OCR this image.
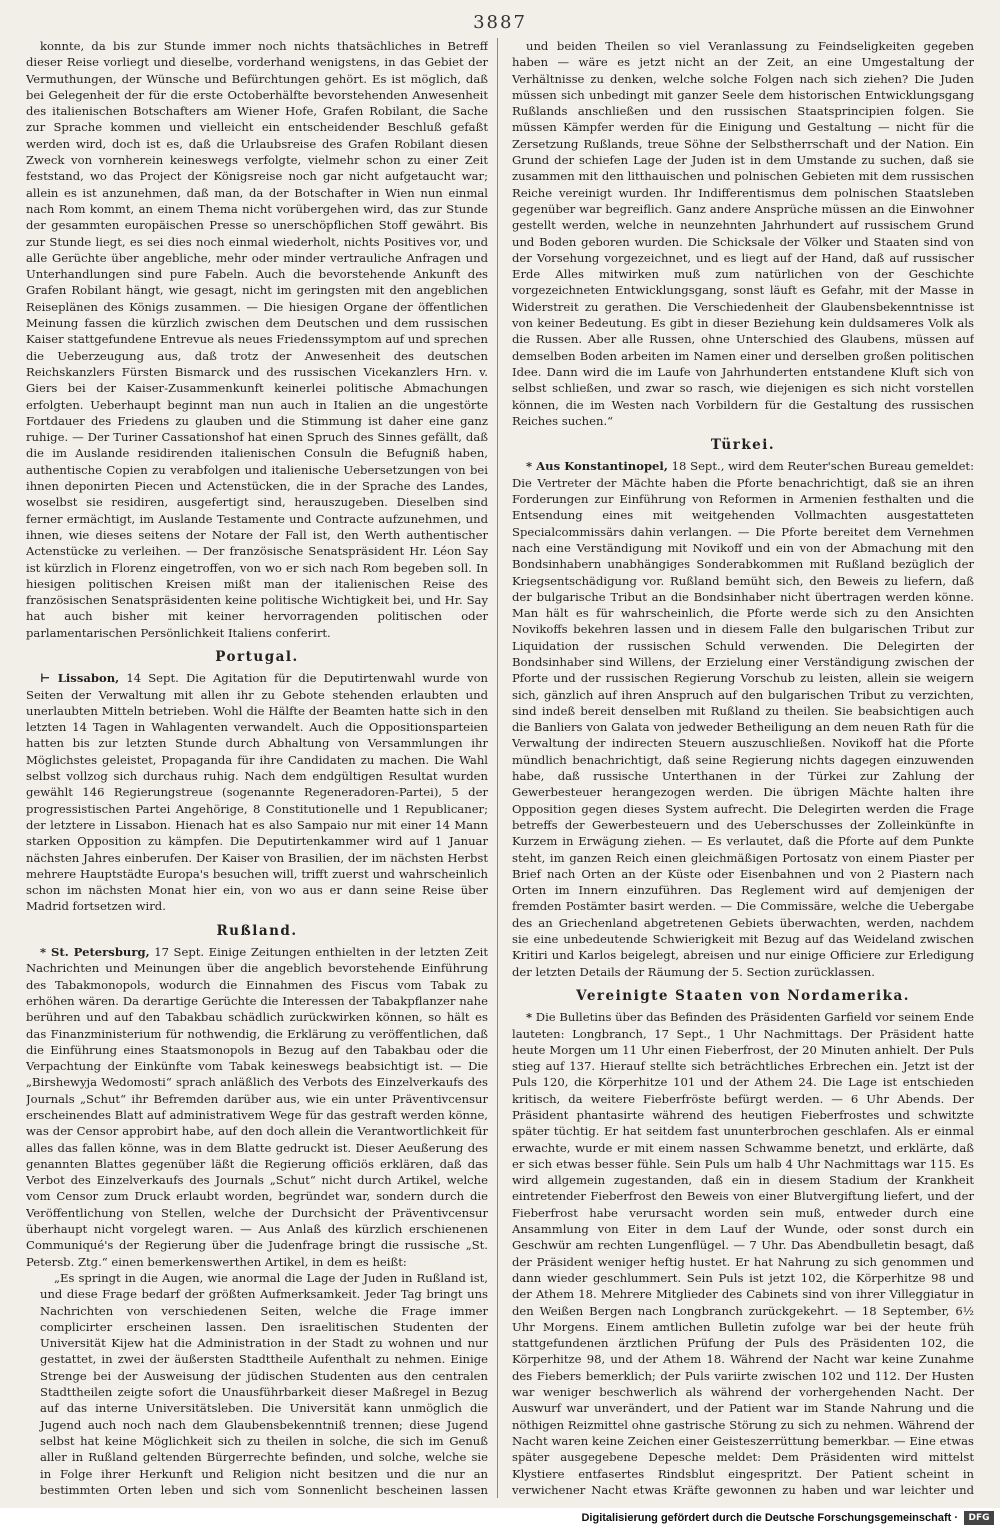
3887

konnte, da bis zur Stunde immer noch nichts thatsächliches in Betreff dieser Reise vorliegt und dieselbe, vorderhand wenigstens, in das Gebiet der Vermuthungen, der Wünsche und Befürchtungen gehört. Es ist möglich, daß bei Gelegenheit der für die erste Octoberhälfte bevorstehenden Anwesenheit des italienischen Botschafters am Wiener Hofe, Grafen Robilant, die Sache zur Sprache kommen und vielleicht ein entscheidender Beschluß gefaßt werden wird, doch ist es, daß die Urlaubsreise des Grafen Robilant diesen Zweck von vornherein keineswegs verfolgte, vielmehr schon zu einer Zeit feststand, wo das Project der Königsreise noch gar nicht aufgetaucht war; allein es ist anzunehmen, daß man, da der Botschafter in Wien nun einmal nach Rom kommt, an einem Thema nicht vorübergehen wird, das zur Stunde der gesammten europäischen Presse so unerschöpflichen Stoff gewährt. Bis zur Stunde liegt, es sei dies noch einmal wiederholt, nichts Positives vor, und alle Gerüchte über angebliche, mehr oder minder vertrauliche Anfragen und Unterhandlungen sind pure Fabeln. Auch die bevorstehende Ankunft des Grafen Robilant hängt, wie gesagt, nicht im geringsten mit den angeblichen Reiseplänen des Königs zusammen. — Die hiesigen Organe der öffentlichen Meinung fassen die kürzlich zwischen dem Deutschen und dem russischen Kaiser stattgefundene Entrevue als neues Friedenssymptom auf und sprechen die Ueberzeugung aus, daß trotz der Anwesenheit des deutschen Reichskanzlers Fürsten Bismarck und des russischen Vicekanzlers Hrn. v. Giers bei der Kaiser-Zusammenkunft keinerlei politische Abmachungen erfolgten. Ueberhaupt beginnt man nun auch in Italien an die ungestörte Fortdauer des Friedens zu glauben und die Stimmung ist daher eine ganz ruhige. — Der Turiner Cassationshof hat einen Spruch des Sinnes gefällt, daß die im Auslande residirenden italienischen Consuln die Befugniß haben, authentische Copien zu verabfolgen und italienische Uebersetzungen von bei ihnen deponirten Piecen und Actenstücken, die in der Sprache des Landes, woselbst sie residiren, ausgefertigt sind, herauszugeben. Dieselben sind ferner ermächtigt, im Auslande Testamente und Contracte aufzunehmen, und ihnen, wie dieses seitens der Notare der Fall ist, den Werth authentischer Actenstücke zu verleihen. — Der französische Senatspräsident Hr. Léon Say ist kürzlich in Florenz eingetroffen, von wo er sich nach Rom begeben soll. In hiesigen politischen Kreisen mißt man der italienischen Reise des französischen Senatspräsidenten keine politische Wichtigkeit bei, und Hr. Say hat auch bisher mit keiner hervorragenden politischen oder parlamentarischen Persönlichkeit Italiens conferirt.

Portugal.

⊢ Lissabon, 14 Sept. Die Agitation für die Deputirtenwahl wurde von Seiten der Verwaltung mit allen ihr zu Gebote stehenden erlaubten und unerlaubten Mitteln betrieben. Wohl die Hälfte der Beamten hatte sich in den letzten 14 Tagen in Wahlagenten verwandelt. Auch die Oppositionsparteien hatten bis zur letzten Stunde durch Abhaltung von Versammlungen ihr Möglichstes geleistet, Propaganda für ihre Candidaten zu machen. Die Wahl selbst vollzog sich durchaus ruhig. Nach dem endgültigen Resultat wurden gewählt 146 Regierungstreue (sogenannte Regeneradoren-Partei), 5 der progressistischen Partei Angehörige, 8 Constitutionelle und 1 Republicaner; der letztere in Lissabon. Hienach hat es also Sampaio nur mit einer 14 Mann starken Opposition zu kämpfen. Die Deputirtenkammer wird auf 1 Januar nächsten Jahres einberufen. Der Kaiser von Brasilien, der im nächsten Herbst mehrere Hauptstädte Europa's besuchen will, trifft zuerst und wahrscheinlich schon im nächsten Monat hier ein, von wo aus er dann seine Reise über Madrid fortsetzen wird.

Rußland.

* St. Petersburg, 17 Sept. Einige Zeitungen enthielten in der letzten Zeit Nachrichten und Meinungen über die angeblich bevorstehende Einführung des Tabakmonopols, wodurch die Einnahmen des Fiscus vom Tabak zu erhöhen wären. Da derartige Gerüchte die Interessen der Tabakpflanzer nahe berühren und auf den Tabakbau schädlich zurückwirken können, so hält es das Finanzministerium für nothwendig, die Erklärung zu veröffentlichen, daß die Einführung eines Staatsmonopols in Bezug auf den Tabakbau oder die Verpachtung der Einkünfte vom Tabak keineswegs beabsichtigt ist. — Die „Birshewyja Wedomosti“ sprach anläßlich des Verbots des Einzelverkaufs des Journals „Schut“ ihr Befremden darüber aus, wie ein unter Präventivcensur erscheinendes Blatt auf administrativem Wege für das gestraft werden könne, was der Censor approbirt habe, auf den doch allein die Verantwortlichkeit für alles das fallen könne, was in dem Blatte gedruckt ist. Dieser Aeußerung des genannten Blattes gegenüber läßt die Regierung officiös erklären, daß das Verbot des Einzelverkaufs des Journals „Schut“ nicht durch Artikel, welche vom Censor zum Druck erlaubt worden, begründet war, sondern durch die Veröffentlichung von Stellen, welche der Durchsicht der Präventivcensur überhaupt nicht vorgelegt waren. — Aus Anlaß des kürzlich erschienenen Communiqué's der Regierung über die Judenfrage bringt die russische „St. Petersb. Ztg.“ einen bemerkenswerthen Artikel, in dem es heißt:

„Es springt in die Augen, wie anormal die Lage der Juden in Rußland ist, und diese Frage bedarf der größten Aufmerksamkeit. Jeder Tag bringt uns Nachrichten von verschiedenen Seiten, welche die Frage immer complicirter erscheinen lassen. Den israelitischen Studenten der Universität Kijew hat die Administration in der Stadt zu wohnen und nur gestattet, in zwei der äußersten Stadttheile Aufenthalt zu nehmen. Einige Strenge bei der Ausweisung der jüdischen Studenten aus den centralen Stadttheilen zeigte sofort die Unausführbarkeit dieser Maßregel in Bezug auf das interne Universitätsleben. Die Universität kann unmöglich die Jugend auch noch nach dem Glaubensbekenntniß trennen; diese Jugend selbst hat keine Möglichkeit sich zu theilen in solche, die sich im Genuß aller in Rußland geltenden Bürgerrechte befinden, und solche, welche sie in Folge ihrer Herkunft und Religion nicht besitzen und die nur an bestimmten Orten leben und sich vom Sonnenlicht bescheinen lassen

und beiden Theilen so viel Veranlassung zu Feindseligkeiten gegeben haben — wäre es jetzt nicht an der Zeit, an eine Umgestaltung der Verhältnisse zu denken, welche solche Folgen nach sich ziehen? Die Juden müssen sich unbedingt mit ganzer Seele dem historischen Entwicklungsgang Rußlands anschließen und den russischen Staatsprincipien folgen. Sie müssen Kämpfer werden für die Einigung und Gestaltung — nicht für die Zersetzung Rußlands, treue Söhne der Selbstherrschaft und der Nation. Ein Grund der schiefen Lage der Juden ist in dem Umstande zu suchen, daß sie zusammen mit den litthauischen und polnischen Gebieten mit dem russischen Reiche vereinigt wurden. Ihr Indifferentismus dem polnischen Staatsleben gegenüber war begreiflich. Ganz andere Ansprüche müssen an die Einwohner gestellt werden, welche in neunzehnten Jahrhundert auf russischem Grund und Boden geboren wurden. Die Schicksale der Völker und Staaten sind von der Vorsehung vorgezeichnet, und es liegt auf der Hand, daß auf russischer Erde Alles mitwirken muß zum natürlichen von der Geschichte vorgezeichneten Entwicklungsgang, sonst läuft es Gefahr, mit der Masse in Widerstreit zu gerathen. Die Verschiedenheit der Glaubensbekenntnisse ist von keiner Bedeutung. Es gibt in dieser Beziehung kein duldsameres Volk als die Russen. Aber alle Russen, ohne Unterschied des Glaubens, müssen auf demselben Boden arbeiten im Namen einer und derselben großen politischen Idee. Dann wird die im Laufe von Jahrhunderten entstandene Kluft sich von selbst schließen, und zwar so rasch, wie diejenigen es sich nicht vorstellen können, die im Westen nach Vorbildern für die Gestaltung des russischen Reiches suchen.“

Türkei.

* Aus Konstantinopel, 18 Sept., wird dem Reuter'schen Bureau gemeldet: Die Vertreter der Mächte haben die Pforte benachrichtigt, daß sie an ihren Forderungen zur Einführung von Reformen in Armenien festhalten und die Entsendung eines mit weitgehenden Vollmachten ausgestatteten Specialcommissärs dahin verlangen. — Die Pforte bereitet dem Vernehmen nach eine Verständigung mit Novikoff und ein von der Abmachung mit den Bondsinhabern unabhängiges Sonderabkommen mit Rußland bezüglich der Kriegsentschädigung vor. Rußland bemüht sich, den Beweis zu liefern, daß der bulgarische Tribut an die Bondsinhaber nicht übertragen werden könne. Man hält es für wahrscheinlich, die Pforte werde sich zu den Ansichten Novikoffs bekehren lassen und in diesem Falle den bulgarischen Tribut zur Liquidation der russischen Schuld verwenden. Die Delegirten der Bondsinhaber sind Willens, der Erzielung einer Verständigung zwischen der Pforte und der russischen Regierung Vorschub zu leisten, allein sie weigern sich, gänzlich auf ihren Anspruch auf den bulgarischen Tribut zu verzichten, sind indeß bereit denselben mit Rußland zu theilen. Sie beabsichtigen auch die Banliers von Galata von jedweder Betheiligung an dem neuen Rath für die Verwaltung der indirecten Steuern auszuschließen. Novikoff hat die Pforte mündlich benachrichtigt, daß seine Regierung nichts dagegen einzuwenden habe, daß russische Unterthanen in der Türkei zur Zahlung der Gewerbesteuer herangezogen werden. Die übrigen Mächte halten ihre Opposition gegen dieses System aufrecht. Die Delegirten werden die Frage betreffs der Gewerbesteuern und des Ueberschusses der Zolleinkünfte in Kurzem in Erwägung ziehen. — Es verlautet, daß die Pforte auf dem Punkte steht, im ganzen Reich einen gleichmäßigen Portosatz von einem Piaster per Brief nach Orten an der Küste oder Eisenbahnen und von 2 Piastern nach Orten im Innern einzuführen. Das Reglement wird auf demjenigen der fremden Postämter basirt werden. — Die Commissäre, welche die Uebergabe des an Griechenland abgetretenen Gebiets überwachten, werden, nachdem sie eine unbedeutende Schwierigkeit mit Bezug auf das Weideland zwischen Kritiri und Karlos beigelegt, abreisen und nur einige Officiere zur Erledigung der letzten Details der Räumung der 5. Section zurücklassen.

Vereinigte Staaten von Nordamerika.

* Die Bulletins über das Befinden des Präsidenten Garfield vor seinem Ende lauteten: Longbranch, 17 Sept., 1 Uhr Nachmittags. Der Präsident hatte heute Morgen um 11 Uhr einen Fieberfrost, der 20 Minuten anhielt. Der Puls stieg auf 137. Hierauf stellte sich beträchtliches Erbrechen ein. Jetzt ist der Puls 120, die Körperhitze 101 und der Athem 24. Die Lage ist entschieden kritisch, da weitere Fieberfröste befürgt werden. — 6 Uhr Abends. Der Präsident phantasirte während des heutigen Fieberfrostes und schwitzte später tüchtig. Er hat seitdem fast ununterbrochen geschlafen. Als er einmal erwachte, wurde er mit einem nassen Schwamme benetzt, und erklärte, daß er sich etwas besser fühle. Sein Puls um halb 4 Uhr Nachmittags war 115. Es wird allgemein zugestanden, daß ein in diesem Stadium der Krankheit eintretender Fieberfrost den Beweis von einer Blutvergiftung liefert, und der Fieberfrost habe verursacht worden sein muß, entweder durch eine Ansammlung von Eiter in dem Lauf der Wunde, oder sonst durch ein Geschwür am rechten Lungenflügel. — 7 Uhr. Das Abendbulletin besagt, daß der Präsident weniger heftig hustet. Er hat Nahrung zu sich genommen und dann wieder geschlummert. Sein Puls ist jetzt 102, die Körperhitze 98 und der Athem 18. Mehrere Mitglieder des Cabinets sind von ihrer Villeggiatur in den Weißen Bergen nach Longbranch zurückgekehrt. — 18 September, 6½ Uhr Morgens. Einem amtlichen Bulletin zufolge war bei der heute früh stattgefundenen ärztlichen Prüfung der Puls des Präsidenten 102, die Körperhitze 98, und der Athem 18. Während der Nacht war keine Zunahme des Fiebers bemerklich; der Puls variirte zwischen 102 und 112. Der Husten war weniger beschwerlich als während der vorhergehenden Nacht. Der Auswurf war unverändert, und der Patient war im Stande Nahrung und die nöthigen Reizmittel ohne gastrische Störung zu sich zu nehmen. Während der Nacht waren keine Zeichen einer Geisteszerrüttung bemerkbar. — Eine etwas später ausgegebene Depesche meldet: Dem Präsidenten wird mittelst Klystiere entfasertes Rindsblut eingespritzt. Der Patient scheint in verwichener Nacht etwas Kräfte gewonnen zu haben und war leichter und

Digitalisierung gefördert durch die Deutsche Forschungsgemeinschaft ·	DFG
